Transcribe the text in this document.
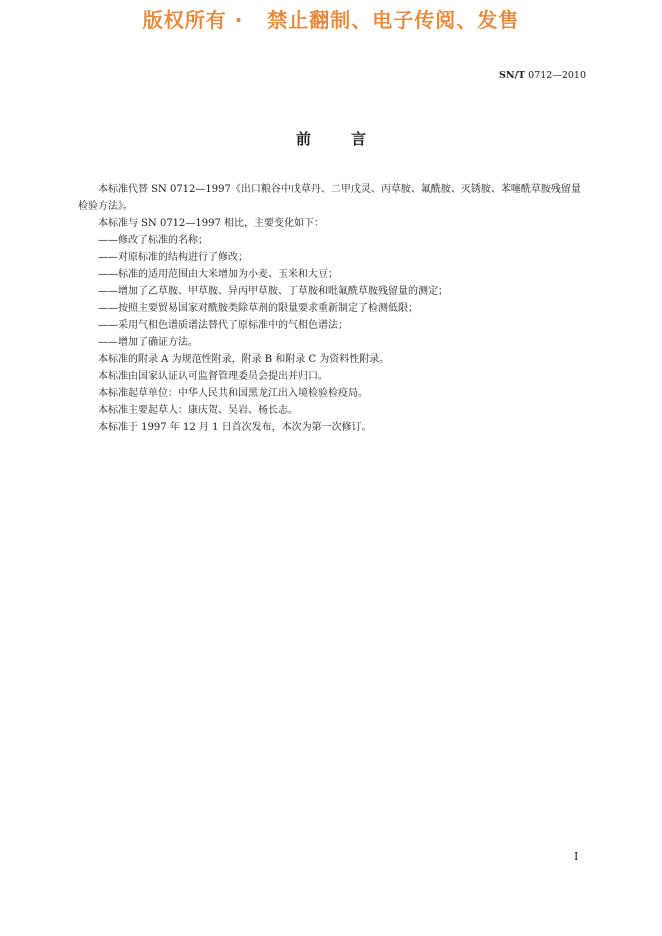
版权所有 ·   禁止翻制、电子传阅、发售
SN/T 0712—2010
前言

本标准代替 SN 0712—1997《出口粮谷中戊草丹、二甲戊灵、丙草胺、氟酰胺、灭锈胺、苯噻酰草胺残留量检验方法》。

本标准与 SN 0712—1997 相比，主要变化如下：

——修改了标准的名称；

——对原标准的结构进行了修改；

——标准的适用范围由大米增加为小麦、玉米和大豆；

——增加了乙草胺、甲草胺、异丙甲草胺、丁草胺和吡氟酰草胺残留量的测定；

——按照主要贸易国家对酰胺类除草剂的限量要求重新制定了检测低限；

——采用气相色谱质谱法替代了原标准中的气相色谱法；

——增加了确证方法。

本标准的附录 A 为规范性附录，附录 B 和附录 C 为资料性附录。

本标准由国家认证认可监督管理委员会提出并归口。

本标准起草单位：中华人民共和国黑龙江出入境检验检疫局。

本标准主要起草人：康庆贺、吴岩、杨长志。

本标准于 1997 年 12 月 1 日首次发布，本次为第一次修订。

I
